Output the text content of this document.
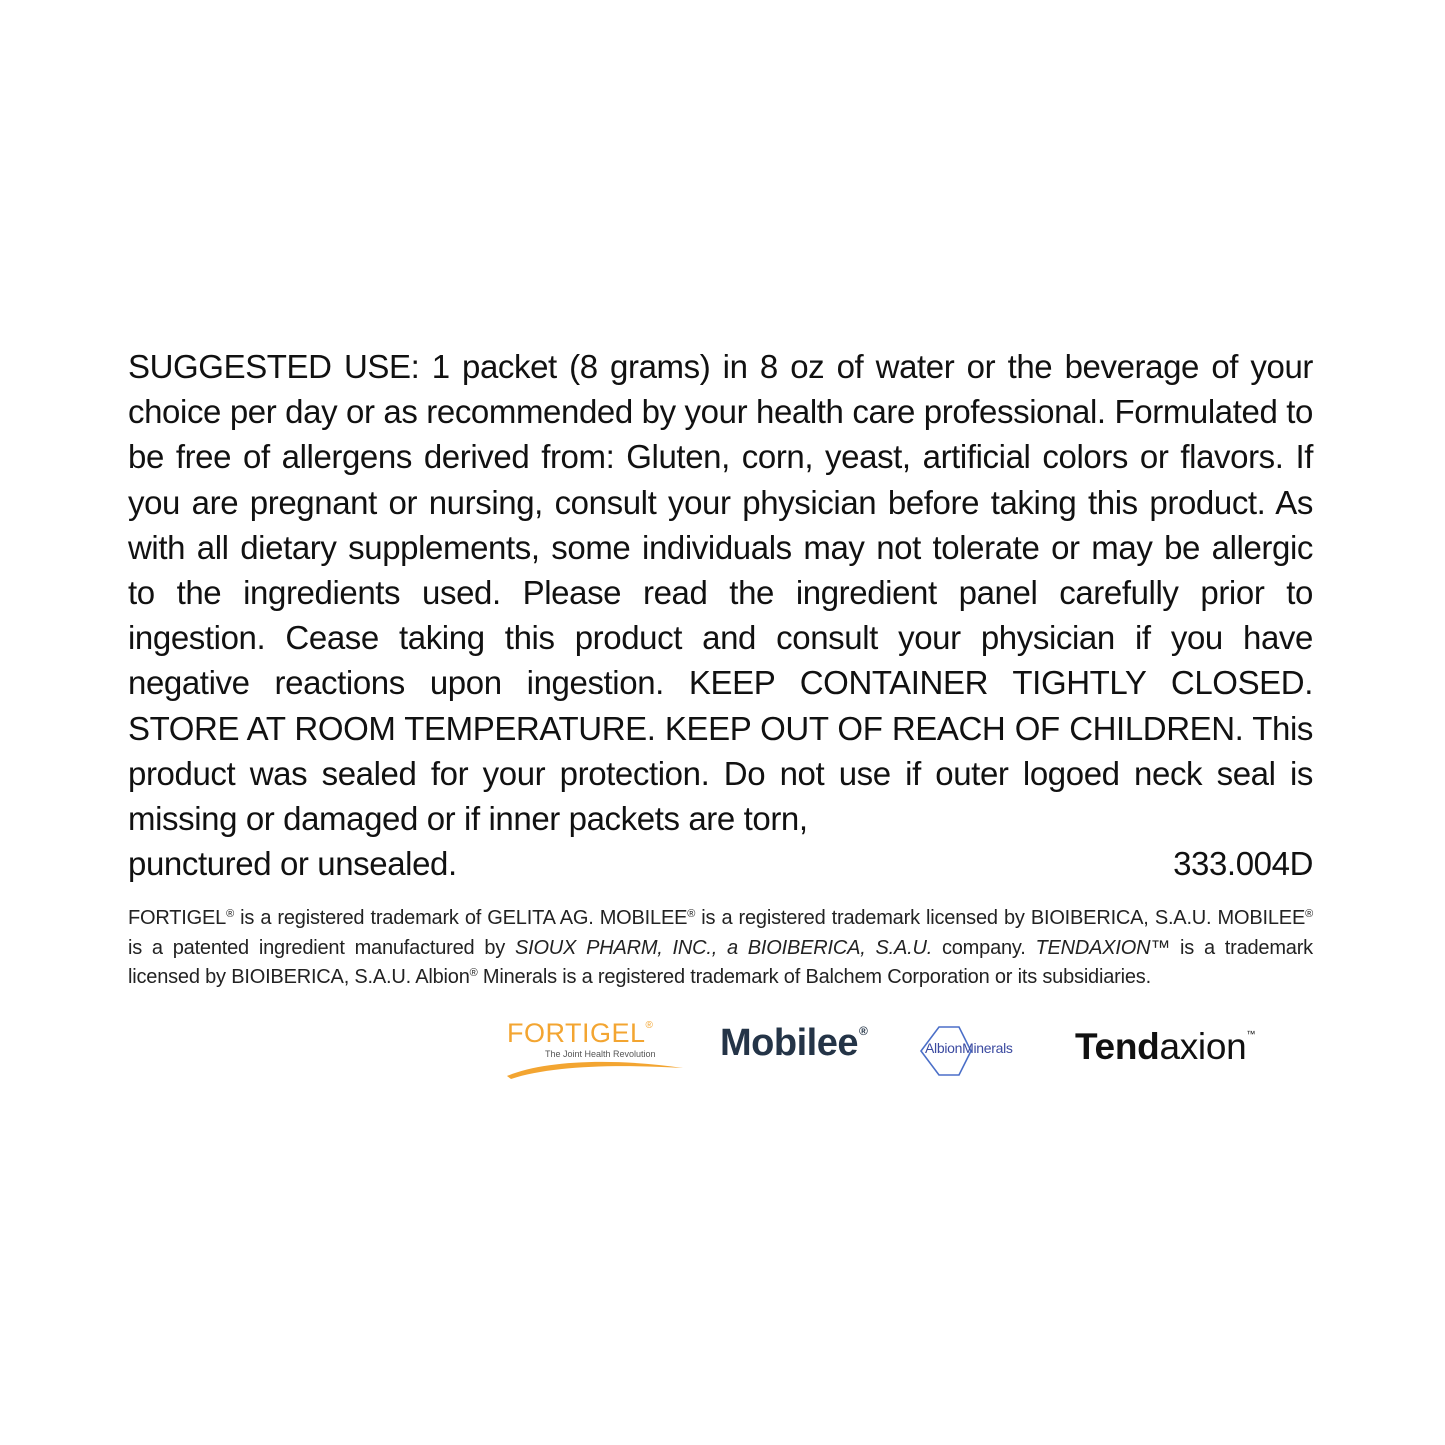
SUGGESTED USE: 1 packet (8 grams) in 8 oz of water or the beverage of your choice per day or as recommended by your health care professional. Formulated to be free of allergens derived from: Gluten, corn, yeast, artificial colors or flavors. If you are pregnant or nursing, consult your physician before taking this product. As with all dietary supplements, some individuals may not tolerate or may be allergic to the ingredients used. Please read the ingredient panel carefully prior to ingestion. Cease taking this product and consult your physician if you have negative reactions upon ingestion. KEEP CONTAINER TIGHTLY CLOSED. STORE AT ROOM TEMPERATURE. KEEP OUT OF REACH OF CHILDREN. This product was sealed for your protection. Do not use if outer logoed neck seal is missing or damaged or if inner packets are torn,

punctured or unsealed.	333.004D
FORTIGEL® is a registered trademark of GELITA AG. MOBILEE® is a registered trademark licensed by BIOIBERICA, S.A.U. MOBILEE® is a patented ingredient manufactured by SIOUX PHARM, INC., a BIOIBERICA, S.A.U. company. TENDAXION™ is a trademark licensed by BIOIBERICA, S.A.U. Albion® Minerals is a registered trademark of Balchem Corporation or its subsidiaries.
FORTIGEL®
The Joint Health Revolution Mobilee®
AlbionMinerals Tendaxion™
